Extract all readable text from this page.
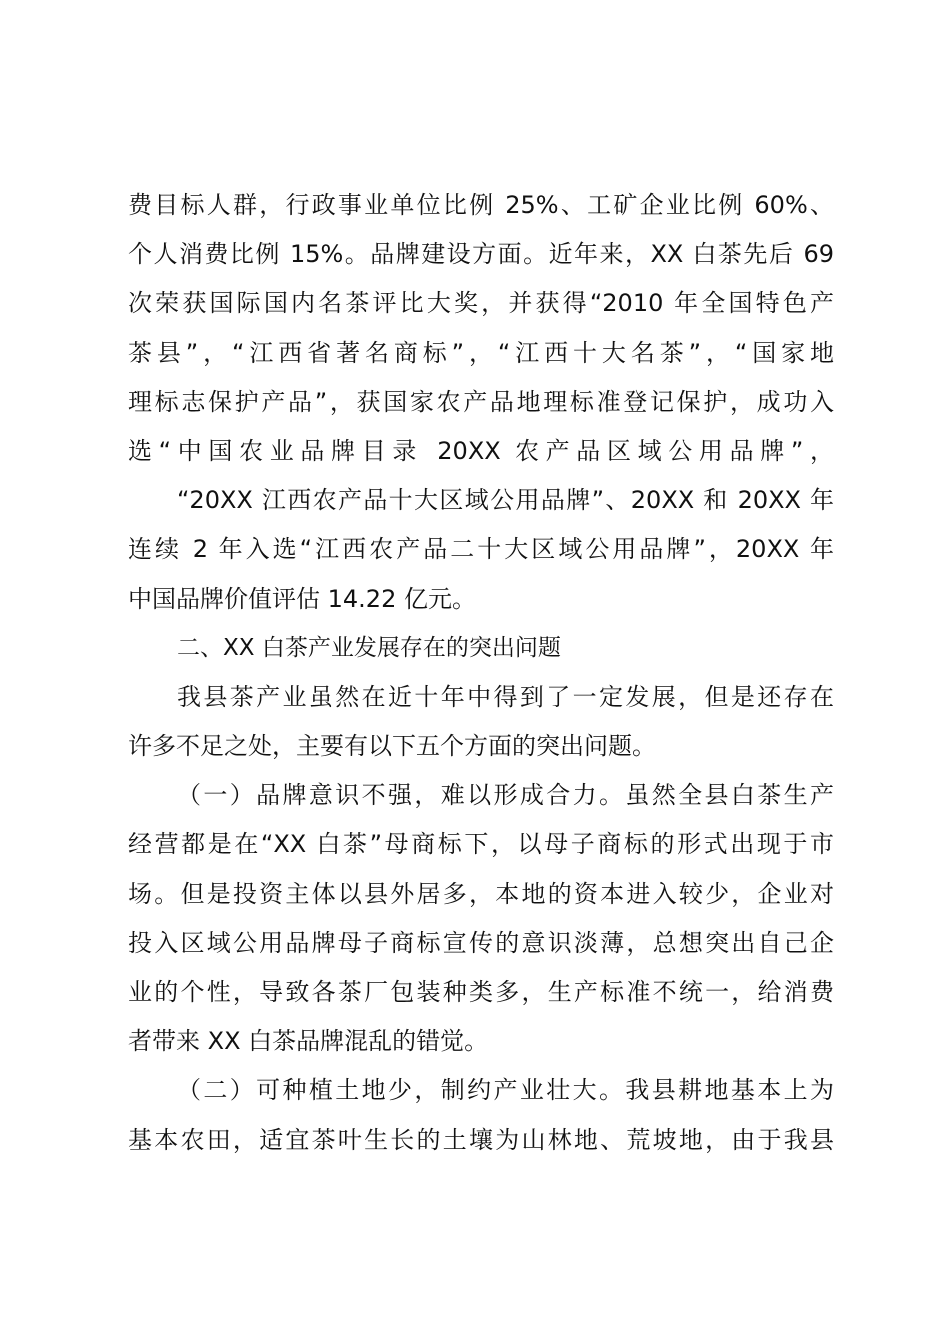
费目标人群，行政事业单位比例 25%、工矿企业比例 60%、
个人消费比例 15%。品牌建设方面。近年来，XX 白茶先后 69
次荣获国际国内名茶评比大奖，并获得“2010 年全国特色产
茶县”，“江西省著名商标”，“江西十大名茶”，“国家地
理标志保护产品”，获国家农产品地理标准登记保护，成功入
选“中国农业品牌目录 20XX 农产品区域公用品牌”，
“20XX 江西农产品十大区域公用品牌”、20XX 和 20XX 年
连续 2 年入选“江西农产品二十大区域公用品牌”，20XX 年
中国品牌价值评估 14.22 亿元。
二、XX 白茶产业发展存在的突出问题
我县茶产业虽然在近十年中得到了一定发展，但是还存在
许多不足之处，主要有以下五个方面的突出问题。
（一）品牌意识不强，难以形成合力。虽然全县白茶生产
经营都是在“XX 白茶”母商标下，以母子商标的形式出现于市
场。但是投资主体以县外居多，本地的资本进入较少，企业对
投入区域公用品牌母子商标宣传的意识淡薄，总想突出自己企
业的个性，导致各茶厂包装种类多，生产标准不统一，给消费
者带来 XX 白茶品牌混乱的错觉。
（二）可种植土地少，制约产业壮大。我县耕地基本上为
基本农田，适宜茶叶生长的土壤为山林地、荒坡地，由于我县
